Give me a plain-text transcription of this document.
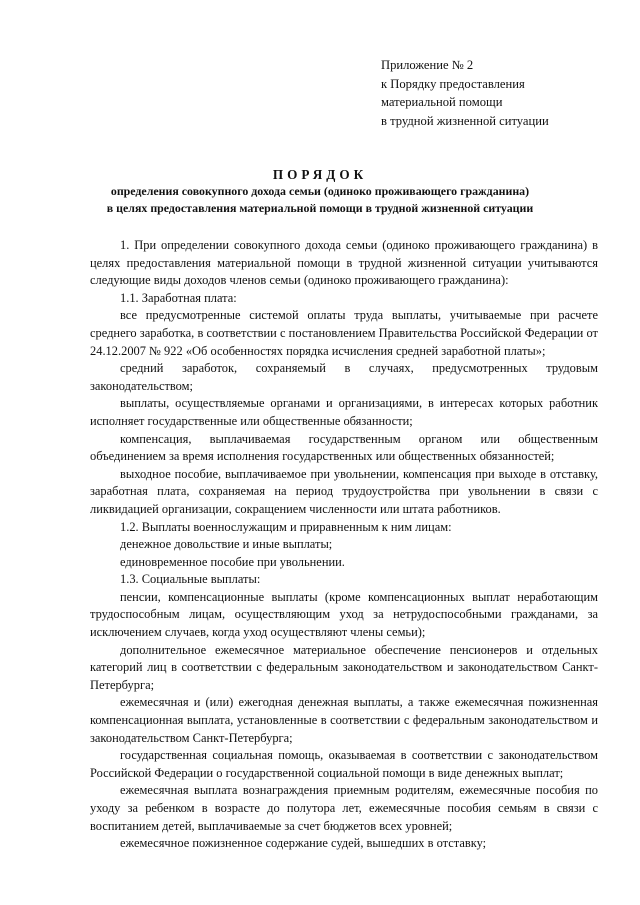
Приложение № 2
к Порядку предоставления
материальной помощи
в трудной жизненной ситуации
ПОРЯДОК
определения совокупного дохода семьи (одиноко проживающего гражданина)
в целях предоставления материальной помощи в трудной жизненной ситуации

1. При определении совокупного дохода семьи (одиноко проживающего гражданина) в целях предоставления материальной помощи в трудной жизненной ситуации учитываются следующие виды доходов членов семьи (одиноко проживающего гражданина):

1.1. Заработная плата:

все предусмотренные системой оплаты труда выплаты, учитываемые при расчете среднего заработка, в соответствии с постановлением Правительства Российской Федерации от 24.12.2007 № 922 «Об особенностях порядка исчисления средней заработной платы»;

средний заработок, сохраняемый в случаях, предусмотренных трудовым законодательством;

выплаты, осуществляемые органами и организациями, в интересах которых работник исполняет государственные или общественные обязанности;

компенсация, выплачиваемая государственным органом или общественным объединением за время исполнения государственных или общественных обязанностей;

выходное пособие, выплачиваемое при увольнении, компенсация при выходе в отставку, заработная плата, сохраняемая на период трудоустройства при увольнении в связи с ликвидацией организации, сокращением численности или штата работников.

1.2. Выплаты военнослужащим и приравненным к ним лицам:

денежное довольствие и иные выплаты;

единовременное пособие при увольнении.

1.3. Социальные выплаты:

пенсии, компенсационные выплаты (кроме компенсационных выплат неработающим трудоспособным лицам, осуществляющим уход за нетрудоспособными гражданами, за исключением случаев, когда уход осуществляют члены семьи);

дополнительное ежемесячное материальное обеспечение пенсионеров и отдельных категорий лиц в соответствии с федеральным законодательством и законодательством Санкт-Петербурга;

ежемесячная и (или) ежегодная денежная выплаты, а также ежемесячная пожизненная компенсационная выплата, установленные в соответствии с федеральным законодательством и законодательством Санкт-Петербурга;

государственная социальная помощь, оказываемая в соответствии с законодательством Российской Федерации о государственной социальной помощи в виде денежных выплат;

ежемесячная выплата вознаграждения приемным родителям, ежемесячные пособия по уходу за ребенком в возрасте до полутора лет, ежемесячные пособия семьям в связи с воспитанием детей, выплачиваемые за счет бюджетов всех уровней;

ежемесячное пожизненное содержание судей, вышедших в отставку;
